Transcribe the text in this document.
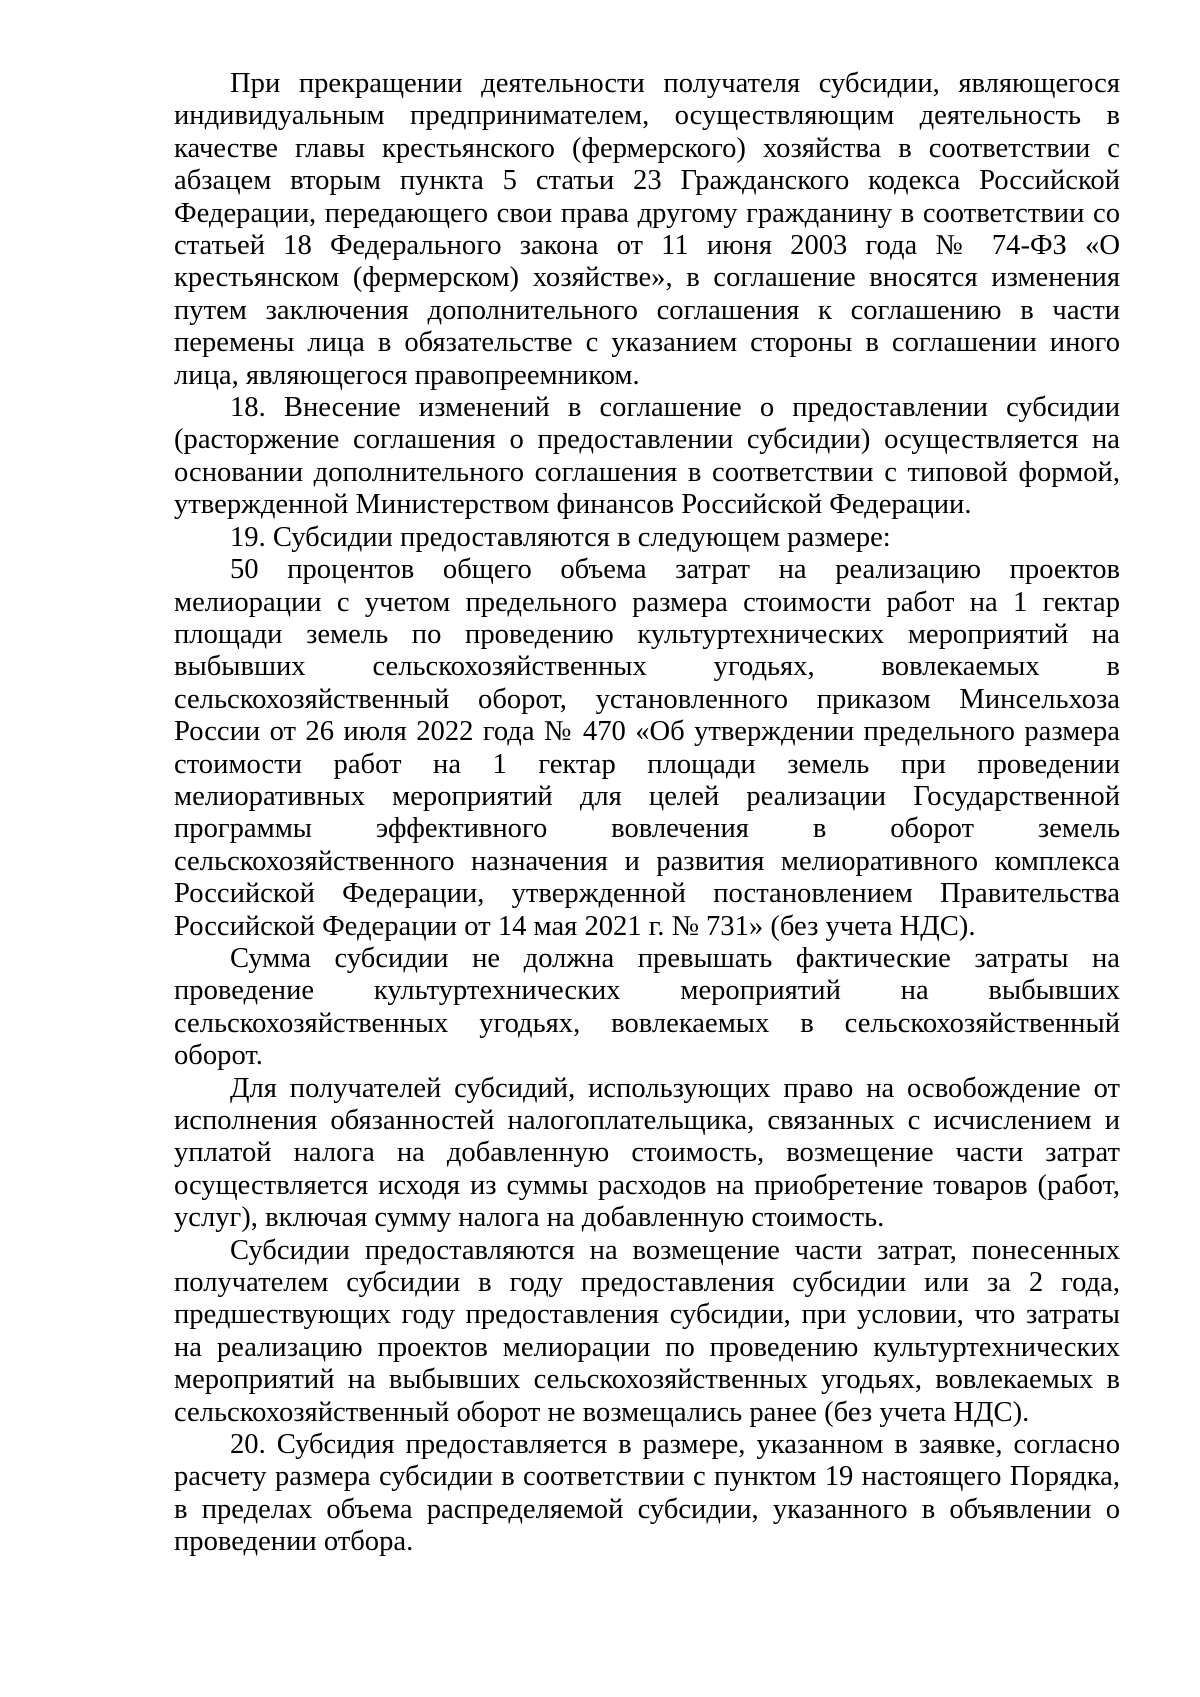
При прекращении деятельности получателя субсидии, являющегося индивидуальным предпринимателем, осуществляющим деятельность в качестве главы крестьянского (фермерского) хозяйства в соответствии с абзацем вторым пункта 5 статьи 23 Гражданского кодекса Российской Федерации, передающего свои права другому гражданину в соответствии со статьей 18 Федерального закона от 11 июня 2003 года № 74-ФЗ «О крестьянском (фермерском) хозяйстве», в соглашение вносятся изменения путем заключения дополнительного соглашения к соглашению в части перемены лица в обязательстве с указанием стороны в соглашении иного лица, являющегося правопреемником.

18. Внесение изменений в соглашение о предоставлении субсидии (расторжение соглашения о предоставлении субсидии) осуществляется на основании дополнительного соглашения в соответствии с типовой формой, утвержденной Министерством финансов Российской Федерации.

19. Субсидии предоставляются в следующем размере:

50 процентов общего объема затрат на реализацию проектов мелиорации с учетом предельного размера стоимости работ на 1 гектар площади земель по проведению культуртехнических мероприятий на выбывших сельскохозяйственных угодьях, вовлекаемых в сельскохозяйственный оборот, установленного приказом Минсельхоза России от 26 июля 2022 года № 470 «Об утверждении предельного размера стоимости работ на 1 гектар площади земель при проведении мелиоративных мероприятий для целей реализации Государственной программы эффективного вовлечения в оборот земель сельскохозяйственного назначения и развития мелиоративного комплекса Российской Федерации, утвержденной постановлением Правительства Российской Федерации от 14 мая 2021 г. № 731» (без учета НДС).

Сумма субсидии не должна превышать фактические затраты на проведение культуртехнических мероприятий на выбывших сельскохозяйственных угодьях, вовлекаемых в сельскохозяйственный оборот.

Для получателей субсидий, использующих право на освобождение от исполнения обязанностей налогоплательщика, связанных с исчислением и уплатой налога на добавленную стоимость, возмещение части затрат осуществляется исходя из суммы расходов на приобретение товаров (работ, услуг), включая сумму налога на добавленную стоимость.

Субсидии предоставляются на возмещение части затрат, понесенных получателем субсидии в году предоставления субсидии или за 2 года, предшествующих году предоставления субсидии, при условии, что затраты на реализацию проектов мелиорации по проведению культуртехнических мероприятий на выбывших сельскохозяйственных угодьях, вовлекаемых в сельскохозяйственный оборот не возмещались ранее (без учета НДС).

20. Субсидия предоставляется в размере, указанном в заявке, согласно расчету размера субсидии в соответствии с пунктом 19 настоящего Порядка, в пределах объема распределяемой субсидии, указанного в объявлении о проведении отбора.
